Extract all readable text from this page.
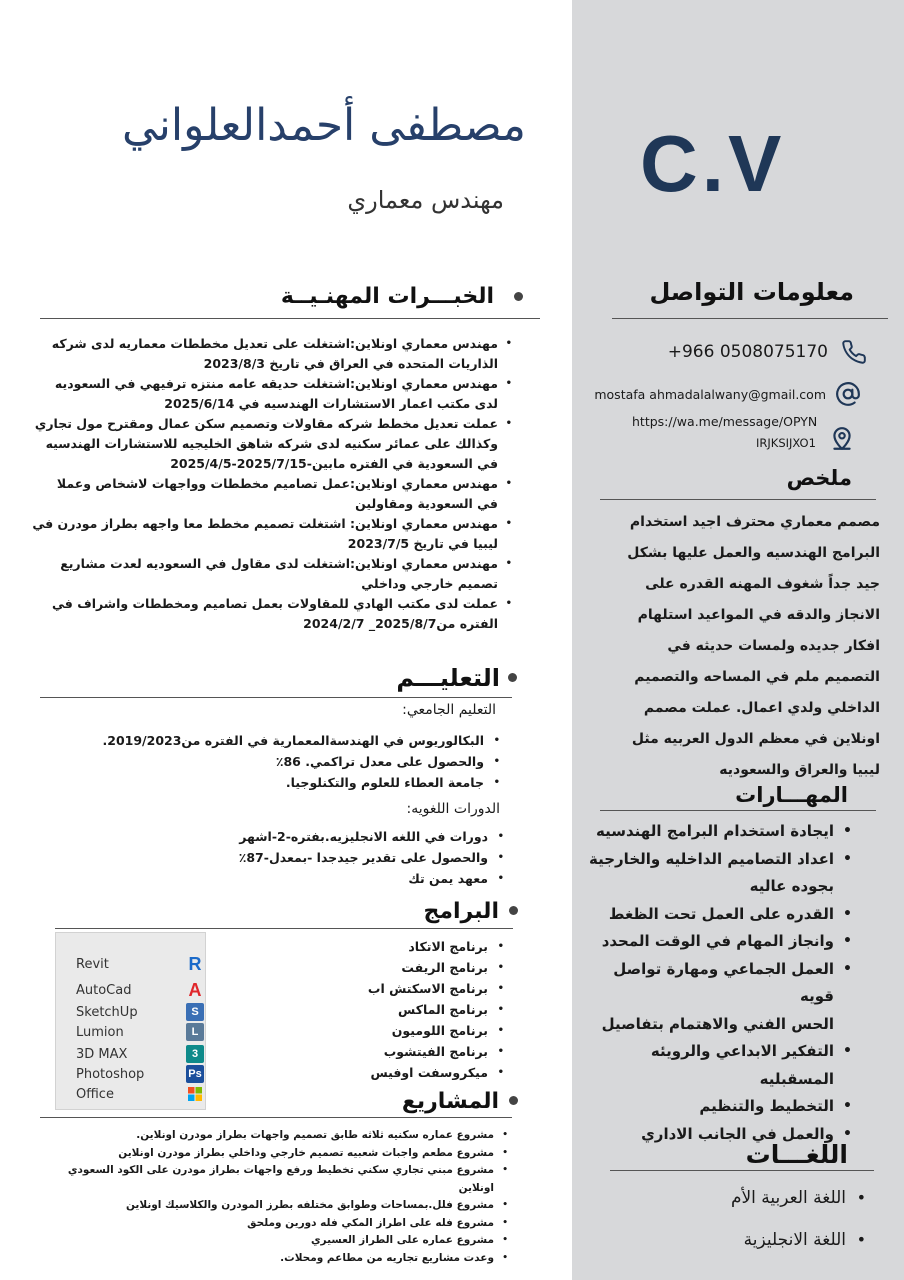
C.V
مصطفى أحمدالعلواني
مهندس معماري
الخبـــرات المهنـيــة
• مهندس معماري اونلاين:اشتغلت على تعديل مخططات معماريه لدى شركه الذاريات المتحده في العراق في تاريخ 2023/8/3
• مهندس معماري اونلاين:اشتغلت حديقه عامه منتزه ترفيهي في السعوديه لدى مكتب اعمار الاستشارات الهندسيه في 2025/6/14
• عملت تعديل مخطط شركه مقاولات وتصميم سكن عمال ومقترح مول تجاري وكذالك على عمائر سكنيه لدى شركه شاهق الخليجيه للاستشارات الهندسيه في السعودية في الفتره مابين-2025/7/15-2025/4/5
• مهندس معماري اونلاين:عمل تصاميم مخططات وواجهات لاشخاص وعملا في السعودية ومقاولين
• مهندس معماري اونلاين: اشتغلت تصميم مخطط معا واجهه بطراز مودرن في ليبيا في تاريخ 2023/7/5
• مهندس معماري اونلاين:اشتغلت لدى مقاول في السعوديه لعدت مشاريع تصميم خارجي وداخلي
• عملت لدى مكتب الهادي للمقاولات بعمل تصاميم ومخططات واشراف في الفتره من2025/8/7_ 2024/2/7
التعليـــم
التعليم الجامعي:
• البكالوريوس في الهندسةالمعمارية في الفتره من2019/2023.
• والحصول على معدل تراكمي. 86٪
• جامعة العطاء للعلوم والتكنلوجيا.
الدورات اللغويه:
• دورات في اللغه الانجليزيه.بفتره-2-اشهر
• والحصول على تقدير جيدجدا -بمعدل-87٪
• معهد يمن تك
البرامج
Revit	R
AutoCad	A
SketchUp	S
Lumion	L
3D MAX	3
Photoshop	Ps
Office
• برنامج الاتكاد
• برنامج الريفت
• برنامج الاسكتش اب
• برنامج الماكس
• برنامج اللوميون
• برنامج الفيتشوب
• ميكروسفت اوفيس
المشاريع
• مشروع عماره سكنيه ثلاثه طابق تصميم واجهات بطراز مودرن اونلاين.
• مشروع مطعم واجبات شعبيه تصميم خارجي وداخلي بطراز مودرن اونلاين
• مشروع مبني تجاري سكني تخطيط ورفع واجهات بطراز مودرن على الكود السعودي اونلاين
• مشروع فلل.بمساحات وطوابق مختلفه بطرز المودرن والكلاسيك اونلاين
• مشروع فله على اطراز المكي فله دورين وملحق
• مشروع عماره على الطراز العسيري
• وعدت مشاريع تجاريه من مطاعم ومحلات.
معلومات التواصل
+966 0508075170
mostafa ahmadalalwany@gmail.com
https://wa.me/message/OPYN
IRJKSIJXO1
ملخص
مصمم معماري محترف اجيد استخدام البرامج الهندسيه والعمل عليها بشكل جيد جداً شغوف المهنه القدره على الانجاز والدقه في المواعيد استلهام افكار جديده ولمسات حديثه في التصميم ملم في المساحه والتصميم الداخلي ولدي اعمال. عملت مصمم اونلاين في معظم الدول العربيه مثل ليبيا والعراق والسعوديه
المهـــارات
• ايجادة استخدام البرامج الهندسيه
• اعداد التصاميم الداخليه والخارجية بجوده عاليه
• القدره على العمل تحت الظغط
• وانجاز المهام في الوقت المحدد
• العمل الجماعي ومهارة تواصل قويه
الحس الفني والاهتمام بتفاصيل
• التفكير الابداعي والرويئه المسقبليه
• التخطيط والتنظيم
• والعمل في الجانب الاداري
اللغـــات
• اللغة العربية الأم
• اللغة الانجليزية
